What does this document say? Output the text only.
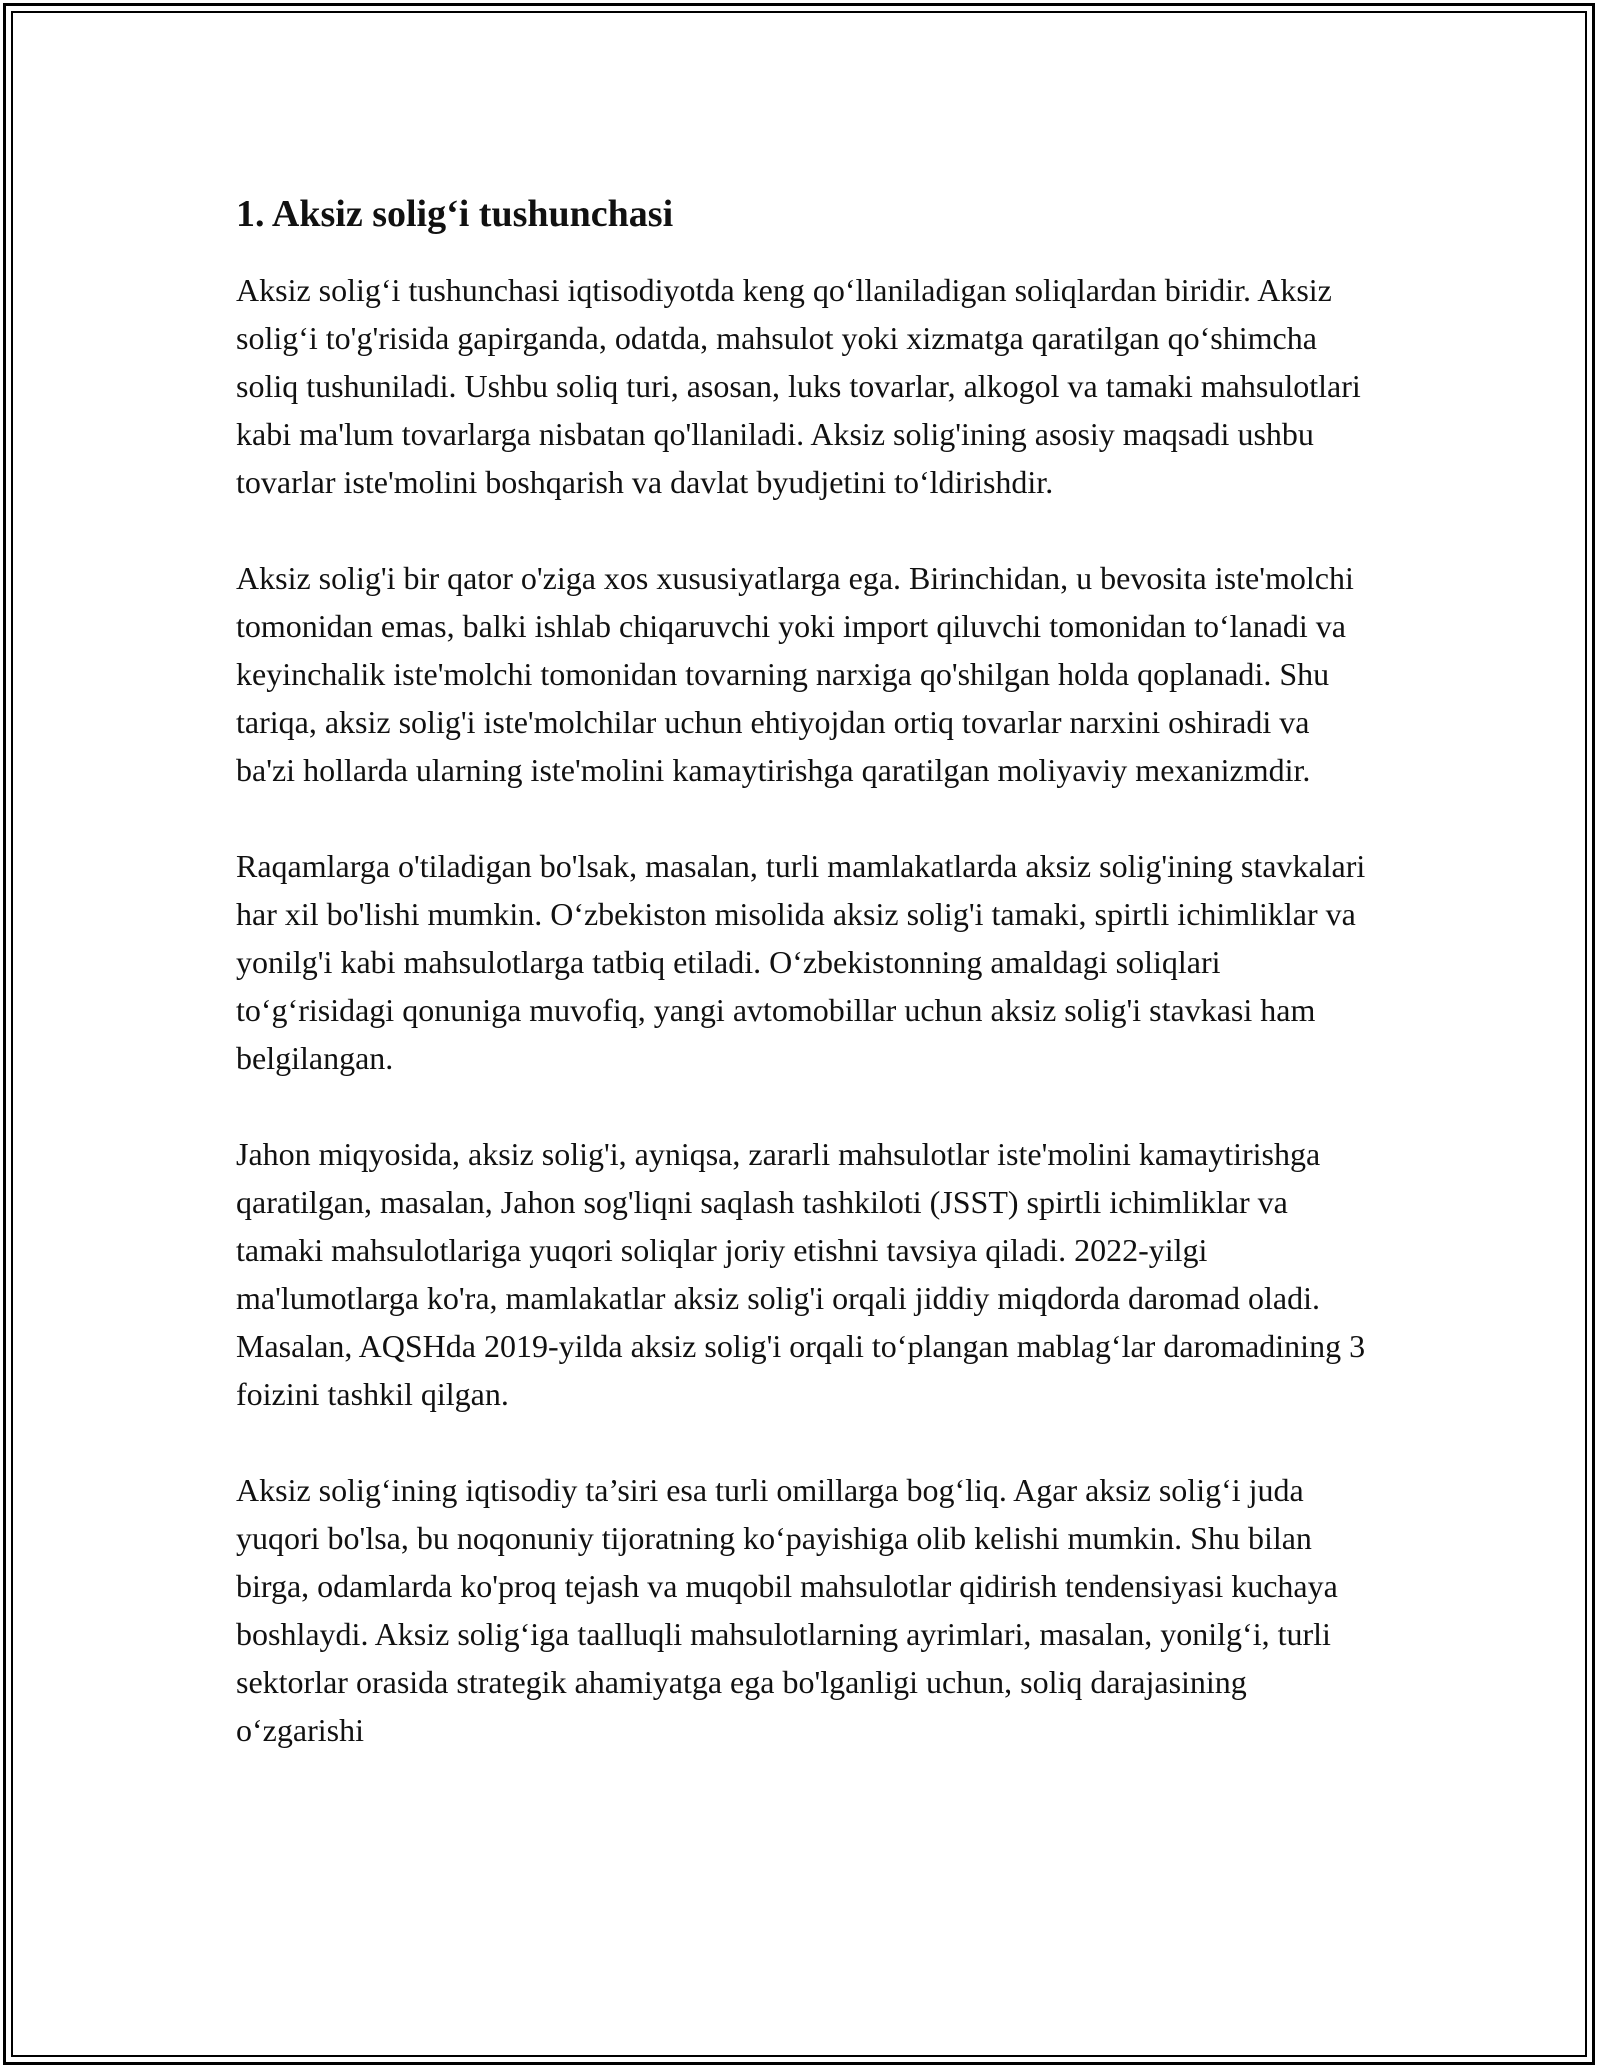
1. Aksiz solig‘i tushunchasi

Aksiz solig‘i tushunchasi iqtisodiyotda keng qo‘llaniladigan soliqlardan biridir. Aksiz solig‘i to'g'risida gapirganda, odatda, mahsulot yoki xizmatga qaratilgan qo‘shimcha soliq tushuniladi. Ushbu soliq turi, asosan, luks tovarlar, alkogol va tamaki mahsulotlari kabi ma'lum tovarlarga nisbatan qo'llaniladi. Aksiz solig'ining asosiy maqsadi ushbu tovarlar iste'molini boshqarish va davlat byudjetini to‘ldirishdir.

Aksiz solig'i bir qator o'ziga xos xususiyatlarga ega. Birinchidan, u bevosita iste'molchi tomonidan emas, balki ishlab chiqaruvchi yoki import qiluvchi tomonidan to‘lanadi va keyinchalik iste'molchi tomonidan tovarning narxiga qo'shilgan holda qoplanadi. Shu tariqa, aksiz solig'i iste'molchilar uchun ehtiyojdan ortiq tovarlar narxini oshiradi va ba'zi hollarda ularning iste'molini kamaytirishga qaratilgan moliyaviy mexanizmdir.

Raqamlarga o'tiladigan bo'lsak, masalan, turli mamlakatlarda aksiz solig'ining stavkalari har xil bo'lishi mumkin. O‘zbekiston misolida aksiz solig'i tamaki, spirtli ichimliklar va yonilg'i kabi mahsulotlarga tatbiq etiladi. O‘zbekistonning amaldagi soliqlari to‘g‘risidagi qonuniga muvofiq, yangi avtomobillar uchun aksiz solig'i stavkasi ham belgilangan.

Jahon miqyosida, aksiz solig'i, ayniqsa, zararli mahsulotlar iste'molini kamaytirishga qaratilgan, masalan, Jahon sog'liqni saqlash tashkiloti (JSST) spirtli ichimliklar va tamaki mahsulotlariga yuqori soliqlar joriy etishni tavsiya qiladi. 2022-yilgi ma'lumotlarga ko'ra, mamlakatlar aksiz solig'i orqali jiddiy miqdorda daromad oladi. Masalan, AQSHda 2019-yilda aksiz solig'i orqali to‘plangan mablag‘lar daromadining 3 foizini tashkil qilgan.

Aksiz solig‘ining iqtisodiy ta’siri esa turli omillarga bog‘liq. Agar aksiz solig‘i juda yuqori bo'lsa, bu noqonuniy tijoratning ko‘payishiga olib kelishi mumkin. Shu bilan birga, odamlarda ko'proq tejash va muqobil mahsulotlar qidirish tendensiyasi kuchaya boshlaydi. Aksiz solig‘iga taalluqli mahsulotlarning ayrimlari, masalan, yonilg‘i, turli sektorlar orasida strategik ahamiyatga ega bo'lganligi uchun, soliq darajasining o‘zgarishi
